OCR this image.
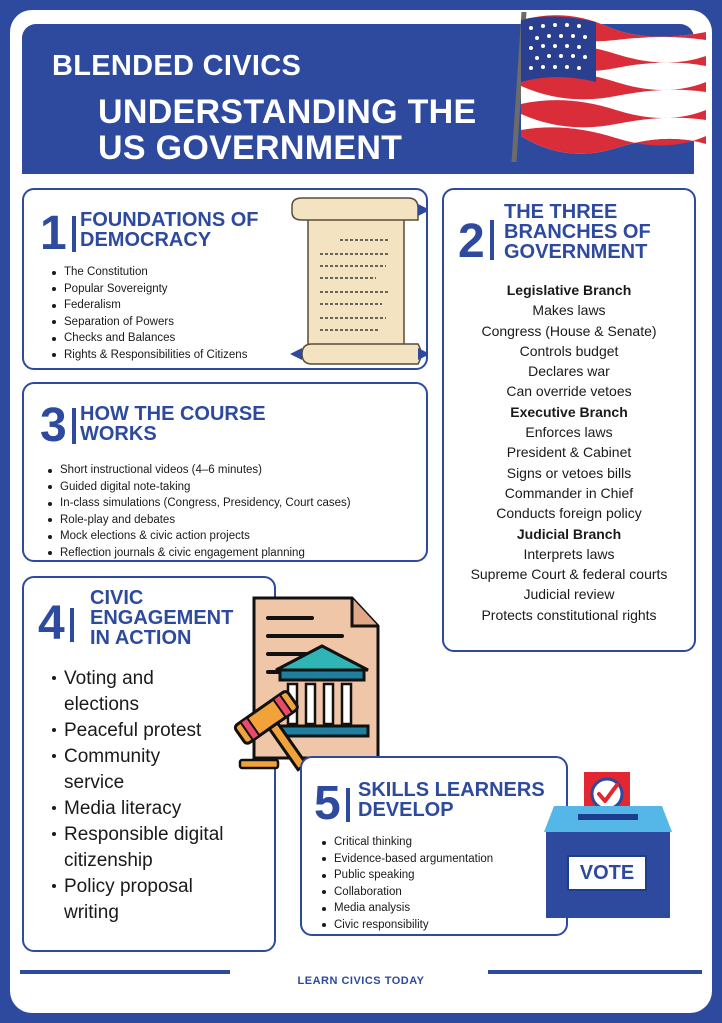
BLENDED CIVICS
UNDERSTANDING THE
US GOVERNMENT
1 FOUNDATIONS OF
DEMOCRACY
The Constitution
Popular Sovereignty
Federalism
Separation of Powers
Checks and Balances
Rights & Responsibilities of Citizens
2
THE THREE
BRANCHES OF
GOVERNMENT
Legislative Branch
Makes laws
Congress (House & Senate)
Controls budget
Declares war
Can override vetoes
Executive Branch
Enforces laws
President & Cabinet
Signs or vetoes bills
Commander in Chief
Conducts foreign policy
Judicial Branch
Interprets laws
Supreme Court & federal courts
Judicial review
Protects constitutional rights
3 HOW THE COURSE
WORKS
Short instructional videos (4–6 minutes)
Guided digital note-taking
In-class simulations (Congress, Presidency, Court cases)
Role-play and debates
Mock elections & civic action projects
Reflection journals & civic engagement planning
4 CIVIC
ENGAGEMENT
IN ACTION
Voting and elections
Peaceful protest
Community service
Media literacy
Responsible digital citizenship
Policy proposal writing
5 SKILLS LEARNERS
DEVELOP
Critical thinking
Evidence-based argumentation
Public speaking
Collaboration
Media analysis
Civic responsibility
VOTE
LEARN CIVICS TODAY
